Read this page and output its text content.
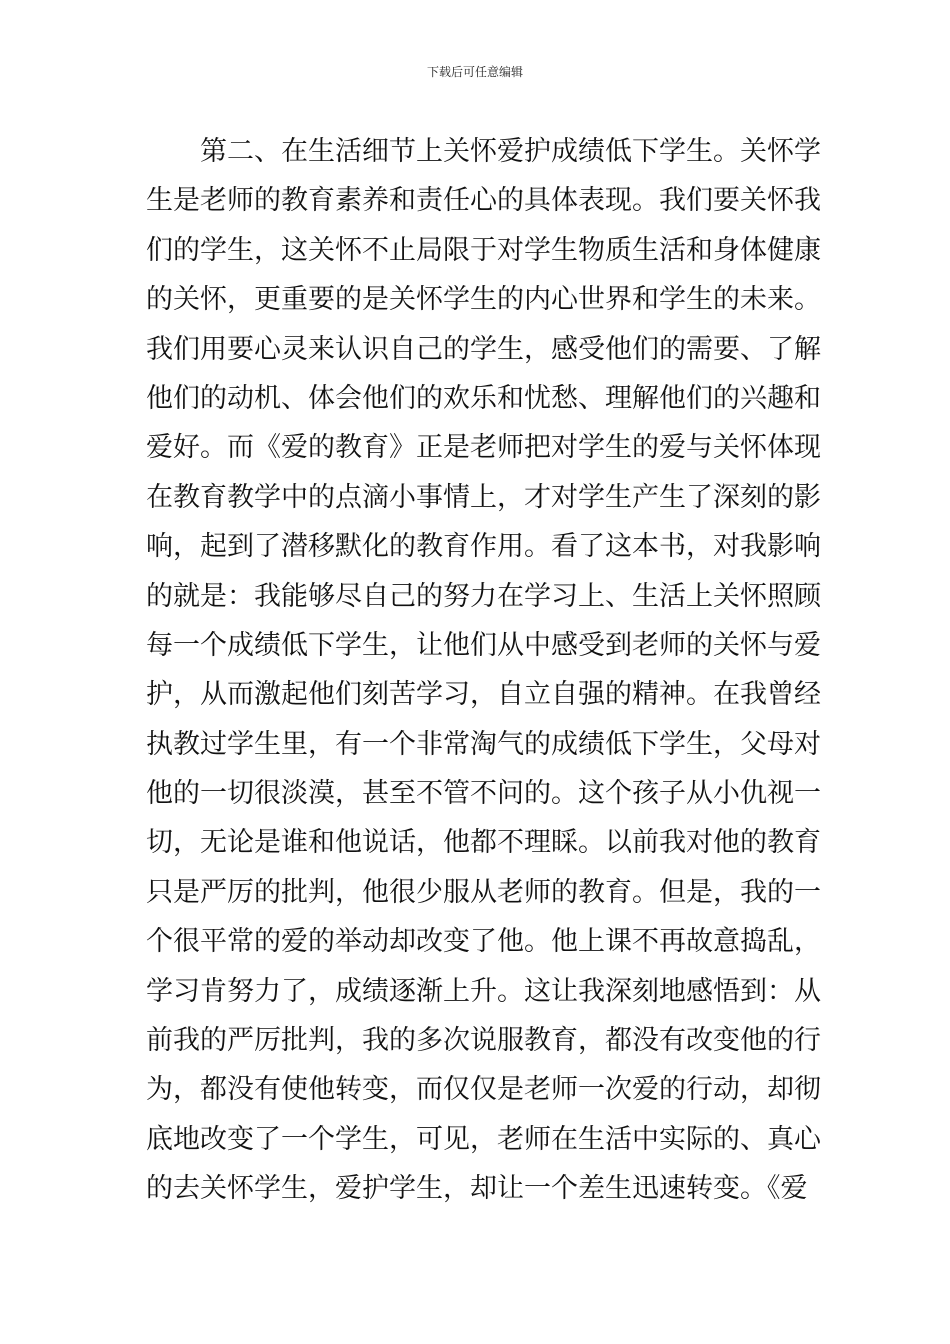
下载后可任意编辑
第二、在生活细节上关怀爱护成绩低下学生。关怀学
生是老师的教育素养和责任心的具体表现。我们要关怀我
们的学生，这关怀不止局限于对学生物质生活和身体健康
的关怀，更重要的是关怀学生的内心世界和学生的未来。
我们用要心灵来认识自己的学生，感受他们的需要、了解
他们的动机、体会他们的欢乐和忧愁、理解他们的兴趣和
爱好。而《爱的教育》正是老师把对学生的爱与关怀体现
在教育教学中的点滴小事情上，才对学生产生了深刻的影
响，起到了潜移默化的教育作用。看了这本书，对我影响
的就是：我能够尽自己的努力在学习上、生活上关怀照顾
每一个成绩低下学生，让他们从中感受到老师的关怀与爱
护，从而激起他们刻苦学习，自立自强的精神。在我曾经
执教过学生里，有一个非常淘气的成绩低下学生，父母对
他的一切很淡漠，甚至不管不问的。这个孩子从小仇视一
切，无论是谁和他说话，他都不理睬。以前我对他的教育
只是严厉的批判，他很少服从老师的教育。但是，我的一
个很平常的爱的举动却改变了他。他上课不再故意捣乱，
学习肯努力了，成绩逐渐上升。这让我深刻地感悟到：从
前我的严厉批判，我的多次说服教育，都没有改变他的行
为，都没有使他转变，而仅仅是老师一次爱的行动，却彻
底地改变了一个学生，可见，老师在生活中实际的、真心
的去关怀学生，爱护学生，却让一个差生迅速转变。《爱
